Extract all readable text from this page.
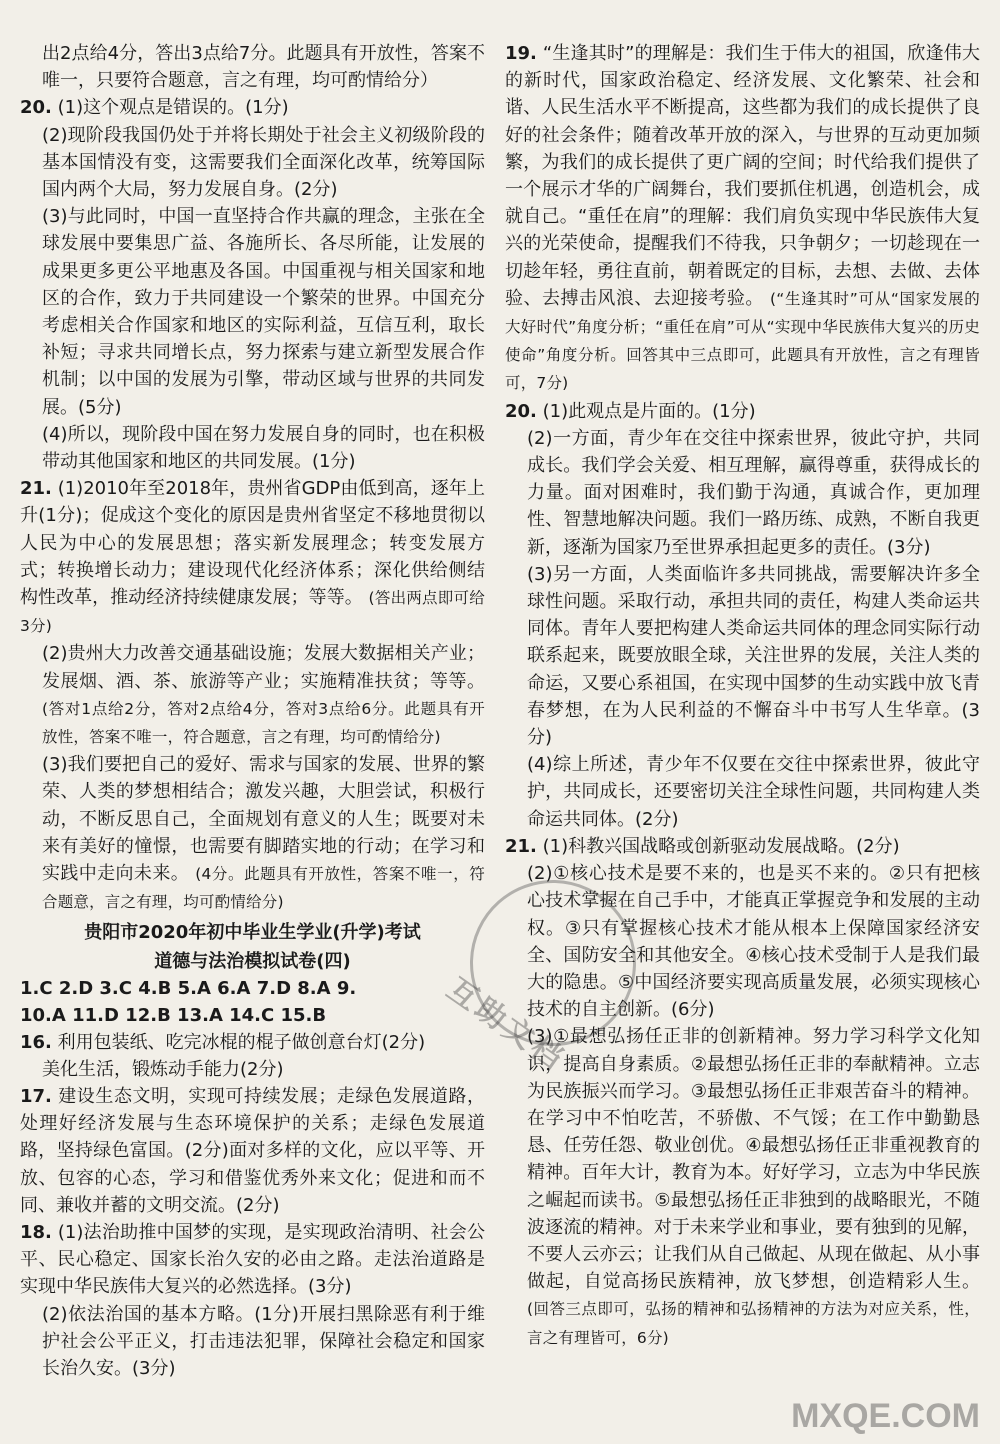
出2点给4分，答出3点给7分。此题具有开放性，答案不唯一，只要符合题意，言之有理，均可酌情给分）
20. (1)这个观点是错误的。(1分)
(2)现阶段我国仍处于并将长期处于社会主义初级阶段的基本国情没有变，这需要我们全面深化改革，统筹国际国内两个大局，努力发展自身。(2分)
(3)与此同时，中国一直坚持合作共赢的理念，主张在全球发展中要集思广益、各施所长、各尽所能，让发展的成果更多更公平地惠及各国。中国重视与相关国家和地区的合作，致力于共同建设一个繁荣的世界。中国充分考虑相关合作国家和地区的实际利益，互信互利，取长补短；寻求共同增长点，努力探索与建立新型发展合作机制；以中国的发展为引擎，带动区域与世界的共同发展。(5分)
(4)所以，现阶段中国在努力发展自身的同时，也在积极带动其他国家和地区的共同发展。(1分)
21. (1)2010年至2018年，贵州省GDP由低到高，逐年上升(1分)；促成这个变化的原因是贵州省坚定不移地贯彻以人民为中心的发展思想；落实新发展理念；转变发展方式；转换增长动力；建设现代化经济体系；深化供给侧结构性改革，推动经济持续健康发展；等等。 (答出两点即可给3分)
(2)贵州大力改善交通基础设施；发展大数据相关产业；发展烟、酒、茶、旅游等产业；实施精准扶贫；等等。 (答对1点给2分，答对2点给4分，答对3点给6分。此题具有开放性，答案不唯一，符合题意，言之有理，均可酌情给分)
(3)我们要把自己的爱好、需求与国家的发展、世界的繁荣、人类的梦想相结合；激发兴趣，大胆尝试，积极行动，不断反思自己，全面规划有意义的人生；既要对未来有美好的憧憬，也需要有脚踏实地的行动；在学习和实践中走向未来。 (4分。此题具有开放性，答案不唯一，符合题意，言之有理，均可酌情给分)
贵阳市2020年初中毕业生学业(升学)考试
道德与法治模拟试卷(四)
1.C 2.D 3.C 4.B 5.A 6.A 7.D 8.A 9.
10.A 11.D 12.B 13.A 14.C 15.B
16. 利用包装纸、吃完冰棍的棍子做创意台灯(2分)
美化生活，锻炼动手能力(2分)
17. 建设生态文明，实现可持续发展；走绿色发展道路，处理好经济发展与生态环境保护的关系；走绿色发展道路，坚持绿色富国。(2分)面对多样的文化，应以平等、开放、包容的心态，学习和借鉴优秀外来文化；促进和而不同、兼收并蓄的文明交流。(2分)
18. (1)法治助推中国梦的实现，是实现政治清明、社会公平、民心稳定、国家长治久安的必由之路。走法治道路是实现中华民族伟大复兴的必然选择。(3分)
(2)依法治国的基本方略。(1分)开展扫黑除恶有利于维护社会公平正义，打击违法犯罪，保障社会稳定和国家长治久安。(3分)
19. “生逢其时”的理解是：我们生于伟大的祖国，欣逢伟大的新时代，国家政治稳定、经济发展、文化繁荣、社会和谐、人民生活水平不断提高，这些都为我们的成长提供了良好的社会条件；随着改革开放的深入，与世界的互动更加频繁，为我们的成长提供了更广阔的空间；时代给我们提供了一个展示才华的广阔舞台，我们要抓住机遇，创造机会，成就自己。“重任在肩”的理解：我们肩负实现中华民族伟大复兴的光荣使命，提醒我们不待我，只争朝夕；一切趁现在一切趁年轻，勇往直前，朝着既定的目标，去想、去做、去体验、去搏击风浪、去迎接考验。 (“生逢其时”可从“国家发展的大好时代”角度分析；“重任在肩”可从“实现中华民族伟大复兴的历史使命”角度分析。回答其中三点即可，此题具有开放性，言之有理皆可，7分)
20. (1)此观点是片面的。(1分)
(2)一方面，青少年在交往中探索世界，彼此守护，共同成长。我们学会关爱、相互理解，赢得尊重，获得成长的力量。面对困难时，我们勤于沟通，真诚合作，更加理性、智慧地解决问题。我们一路历练、成熟，不断自我更新，逐渐为国家乃至世界承担起更多的责任。(3分)
(3)另一方面，人类面临许多共同挑战，需要解决许多全球性问题。采取行动，承担共同的责任，构建人类命运共同体。青年人要把构建人类命运共同体的理念同实际行动联系起来，既要放眼全球，关注世界的发展，关注人类的命运，又要心系祖国，在实现中国梦的生动实践中放飞青春梦想，在为人民利益的不懈奋斗中书写人生华章。(3分)
(4)综上所述，青少年不仅要在交往中探索世界，彼此守护，共同成长，还要密切关注全球性问题，共同构建人类命运共同体。(2分)
21. (1)科教兴国战略或创新驱动发展战略。(2分)
(2)①核心技术是要不来的，也是买不来的。②只有把核心技术掌握在自己手中，才能真正掌握竞争和发展的主动权。③只有掌握核心技术才能从根本上保障国家经济安全、国防安全和其他安全。④核心技术受制于人是我们最大的隐患。⑤中国经济要实现高质量发展，必须实现核心技术的自主创新。(6分)
(3)①最想弘扬任正非的创新精神。努力学习科学文化知识，提高自身素质。②最想弘扬任正非的奉献精神。立志为民族振兴而学习。③最想弘扬任正非艰苦奋斗的精神。在学习中不怕吃苦，不骄傲、不气馁；在工作中勤勤恳恳、任劳任怨、敬业创优。④最想弘扬任正非重视教育的精神。百年大计，教育为本。好好学习，立志为中华民族之崛起而读书。⑤最想弘扬任正非独到的战略眼光，不随波逐流的精神。对于未来学业和事业，要有独到的见解，不要人云亦云；让我们从自己做起、从现在做起、从小事做起，自觉高扬民族精神，放飞梦想，创造精彩人生。 (回答三点即可，弘扬的精神和弘扬精神的方法为对应关系，性，言之有理皆可，6分)
互助文档
MXQE.COM
